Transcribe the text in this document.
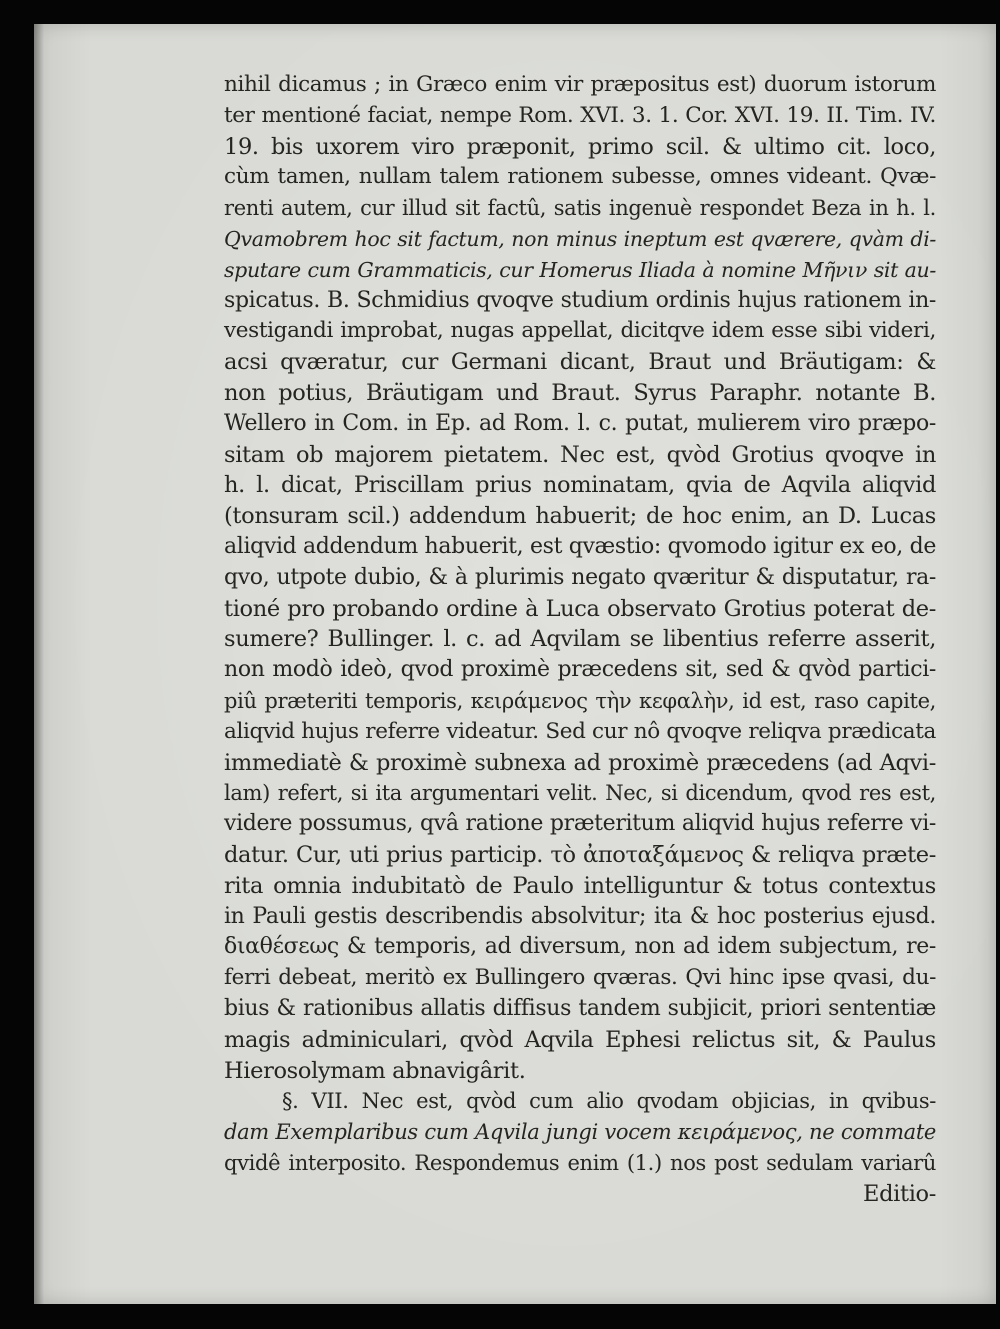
nihil dicamus ; in Græco enim vir præpositus est) duorum istorum
ter mentioné faciat, nempe Rom. XVI. 3. 1. Cor. XVI. 19. II. Tim. IV.
19. bis uxorem viro præponit, primo scil. & ultimo cit. loco,
cùm tamen, nullam talem rationem subesse, omnes videant. Qvæ-
renti autem, cur illud sit factû, satis ingenuè respondet Beza in h. l.
Qvamobrem hoc sit factum, non minus ineptum est qværere, qvàm di-
sputare cum Grammaticis, cur Homerus Iliada à nomine Μῆνιν sit au-
spicatus. B. Schmidius qvoqve studium ordinis hujus rationem in-
vestigandi improbat, nugas appellat, dicitqve idem esse sibi videri,
acsi qværatur, cur Germani dicant, Braut und Bräutigam: &
non potius, Bräutigam und Braut. Syrus Paraphr. notante B.
Wellero in Com. in Ep. ad Rom. l. c. putat, mulierem viro præpo-
sitam ob majorem pietatem. Nec est, qvòd Grotius qvoqve in
h. l. dicat, Priscillam prius nominatam, qvia de Aqvila aliqvid
(tonsuram scil.) addendum habuerit; de hoc enim, an D. Lucas
aliqvid addendum habuerit, est qvæstio: qvomodo igitur ex eo, de
qvo, utpote dubio, & à plurimis negato qværitur & disputatur, ra-
tioné pro probando ordine à Luca observato Grotius poterat de-
sumere? Bullinger. l. c. ad Aqvilam se libentius referre asserit,
non modò ideò, qvod proximè præcedens sit, sed & qvòd partici-
piû præteriti temporis, κειράμενος τὴν κεφαλὴν, id est, raso capite,
aliqvid hujus referre videatur. Sed cur nô qvoqve reliqva prædicata
immediatè & proximè subnexa ad proximè præcedens (ad Aqvi-
lam) refert, si ita argumentari velit. Nec, si dicendum, qvod res est,
videre possumus, qvâ ratione præteritum aliqvid hujus referre vi-
datur. Cur, uti prius particip. τὸ ἀποταξάμενος & reliqva præte-
rita omnia indubitatò de Paulo intelliguntur & totus contextus
in Pauli gestis describendis absolvitur; ita & hoc posterius ejusd.
διαθέσεως & temporis, ad diversum, non ad idem subjectum, re-
ferri debeat, meritò ex Bullingero qværas. Qvi hinc ipse qvasi, du-
bius & rationibus allatis diffisus tandem subjicit, priori sententiæ
magis adminiculari, qvòd Aqvila Ephesi relictus sit, & Paulus
Hierosolymam abnavigârit.
§. VII. Nec est, qvòd cum alio qvodam objicias, in qvibus-
dam Exemplaribus cum Aqvila jungi vocem κειράμενος, ne commate
qvidê interposito. Respondemus enim (1.) nos post sedulam variarû
Editio-
